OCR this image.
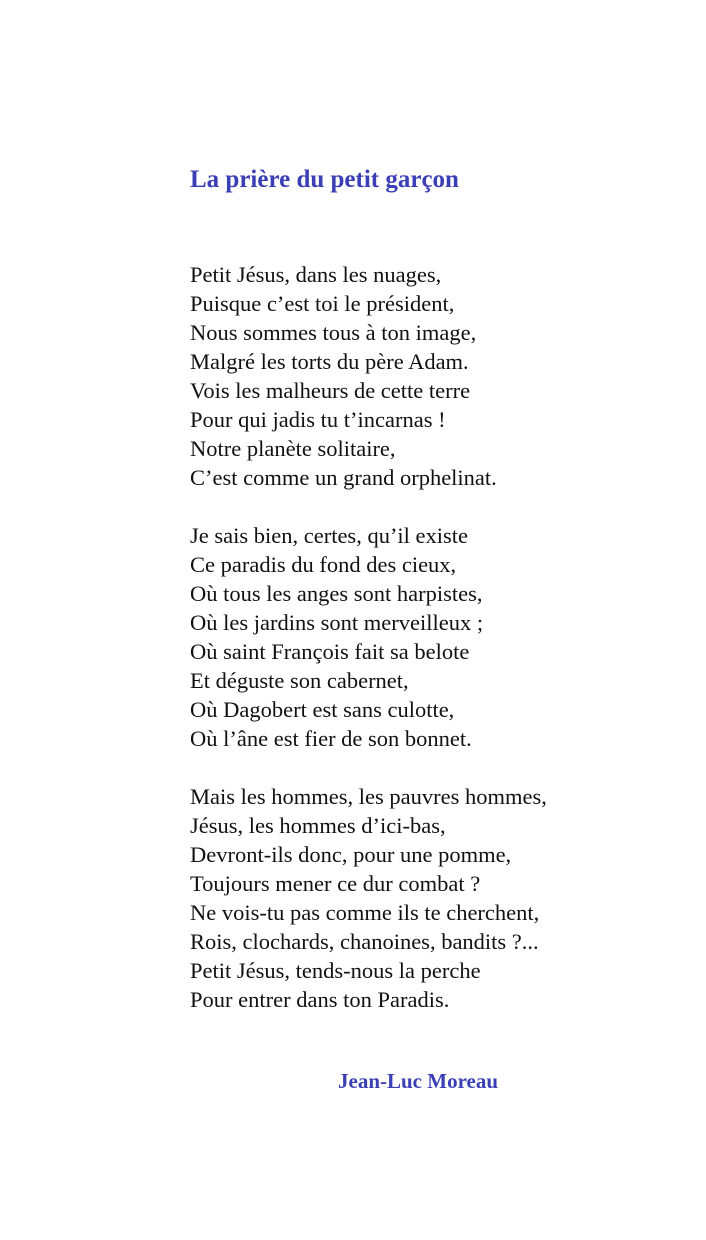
La prière du petit garçon
Petit Jésus, dans les nuages,
Puisque c’est toi le président,
Nous sommes tous à ton image,
Malgré les torts du père Adam.
Vois les malheurs de cette terre
Pour qui jadis tu t’incarnas !
Notre planète solitaire,
C’est comme un grand orphelinat.
Je sais bien, certes, qu’il existe
Ce paradis du fond des cieux,
Où tous les anges sont harpistes,
Où les jardins sont merveilleux ;
Où saint François fait sa belote
Et déguste son cabernet,
Où Dagobert est sans culotte,
Où l’âne est fier de son bonnet.
Mais les hommes, les pauvres hommes,
Jésus, les hommes d’ici-bas,
Devront-ils donc, pour une pomme,
Toujours mener ce dur combat ?
Ne vois-tu pas comme ils te cherchent,
Rois, clochards, chanoines, bandits ?...
Petit Jésus, tends-nous la perche
Pour entrer dans ton Paradis.

Jean-Luc Moreau
